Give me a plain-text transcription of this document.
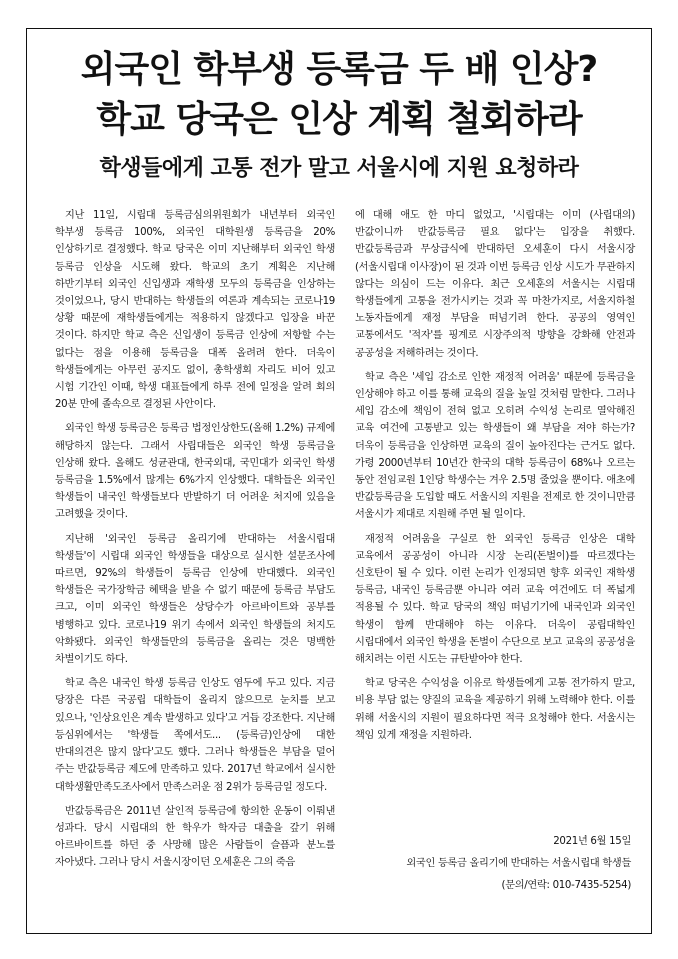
외국인 학부생 등록금 두 배 인상?
학교 당국은 인상 계획 철회하라
학생들에게 고통 전가 말고 서울시에 지원 요청하라

지난 11일, 시립대 등록금심의위원회가 내년부터 외국인 학부생 등록금 100%, 외국인 대학원생 등록금을 20% 인상하기로 결정했다. 학교 당국은 이미 지난해부터 외국인 학생 등록금 인상을 시도해 왔다. 학교의 초기 계획은 지난해 하반기부터 외국인 신입생과 재학생 모두의 등록금을 인상하는 것이었으나, 당시 반대하는 학생들의 여론과 계속되는 코로나19 상황 때문에 재학생들에게는 적용하지 않겠다고 입장을 바꾼 것이다. 하지만 학교 측은 신입생이 등록금 인상에 저항할 수는 없다는 점을 이용해 등록금을 대폭 올려려 한다. 더욱이 학생들에게는 아무런 공지도 없이, 총학생회 자리도 비어 있고 시험 기간인 이때, 학생 대표들에게 하루 전에 일정을 알려 회의 20분 만에 졸속으로 결정된 사안이다.

외국인 학생 등록금은 등록금 법정인상한도(올해 1.2%) 규제에 해당하지 않는다. 그래서 사립대들은 외국인 학생 등록금을 인상해 왔다. 올해도 성균관대, 한국외대, 국민대가 외국인 학생 등록금을 1.5%에서 많게는 6%가지 인상했다. 대학들은 외국인 학생들이 내국인 학생들보다 반발하기 더 어려운 처지에 있음을 고려했을 것이다.

지난해 '외국인 등록금 올리기에 반대하는 서울시립대 학생들'이 시립대 외국인 학생들을 대상으로 실시한 설문조사에 따르면, 92%의 학생들이 등록금 인상에 반대했다. 외국인 학생들은 국가장학금 혜택을 받을 수 없기 때문에 등록금 부담도 크고, 이미 외국인 학생들은 상당수가 아르바이트와 공부를 병행하고 있다. 코로나19 위기 속에서 외국인 학생들의 처지도 악화됐다. 외국인 학생들만의 등록금을 올리는 것은 명백한 차별이기도 하다.

학교 측은 내국인 학생 등록금 인상도 염두에 두고 있다. 지금 당장은 다른 국공립 대학들이 올리지 않으므로 눈치를 보고 있으나, '인상요인은 계속 발생하고 있다'고 거듭 강조한다. 지난해 등심위에서는 '학생들 쪽에서도... (등록금)인상에 대한 반대의견은 많지 않다'고도 했다. 그러나 학생들은 부담을 덜어 주는 반값등록금 제도에 만족하고 있다. 2017년 학교에서 실시한 대학생활만족도조사에서 만족스러운 점 2위가 등록금일 정도다.

반값등록금은 2011년 살인적 등록금에 항의한 운동이 이뤄낸 성과다. 당시 시립대의 한 학우가 학자금 대출을 갚기 위해 아르바이트를 하던 중 사망해 많은 사람들이 슬픔과 분노를 자아냈다. 그러나 당시 서울시장이던 오세훈은 그의 죽음

에 대해 애도 한 마디 없었고, '시립대는 이미 (사립대의) 반값이니까 반값등록금 필요 없다'는 입장을 취했다. 반값등록금과 무상급식에 반대하던 오세훈이 다시 서울시장(서울시립대 이사장)이 된 것과 이번 등록금 인상 시도가 무관하지 않다는 의심이 드는 이유다. 최근 오세훈의 서울시는 시립대 학생들에게 고통을 전가시키는 것과 꼭 마찬가지로, 서울지하철 노동자들에게 재정 부담을 떠넘기려 한다. 공공의 영역인 교통에서도 '적자'를 핑계로 시장주의적 방향을 강화해 안전과 공공성을 저해하려는 것이다.

학교 측은 '세입 감소로 인한 재정적 어려움' 때문에 등록금을 인상해야 하고 이를 통해 교육의 질을 높일 것처럼 말한다. 그러나 세입 감소에 책임이 전혀 없고 오히려 수익성 논리로 열악해진 교육 여건에 고통받고 있는 학생들이 왜 부담을 져야 하는가? 더욱이 등록금을 인상하면 교육의 질이 높아진다는 근거도 없다. 가령 2000년부터 10년간 한국의 대학 등록금이 68%나 오르는 동안 전임교원 1인당 학생수는 겨우 2.5명 줄었을 뿐이다. 애초에 반값등록금을 도입할 때도 서울시의 지원을 전제로 한 것이니만큼 서울시가 제대로 지원해 주면 될 일이다.

재정적 어려움을 구실로 한 외국인 등록금 인상은 대학 교육에서 공공성이 아니라 시장 논리(돈벌이)를 따르겠다는 신호탄이 될 수 있다. 이런 논리가 인정되면 향후 외국인 재학생 등록금, 내국인 등록금뿐 아니라 여러 교육 여건에도 더 폭넓게 적용될 수 있다. 학교 당국의 책임 떠넘기기에 내국인과 외국인 학생이 함께 반대해야 하는 이유다. 더욱이 공립대학인 시립대에서 외국인 학생을 돈벌이 수단으로 보고 교육의 공공성을 해치려는 이런 시도는 규탄받아야 한다.

학교 당국은 수익성을 이유로 학생들에게 고통 전가하지 말고, 비용 부담 없는 양질의 교육을 제공하기 위해 노력해야 한다. 이를 위해 서울시의 지원이 필요하다면 적극 요청해야 한다. 서울시는 책임 있게 재정을 지원하라.

2021년 6월 15일
외국인 등록금 올리기에 반대하는 서울시립대 학생들
(문의/연락: 010-7435-5254)
